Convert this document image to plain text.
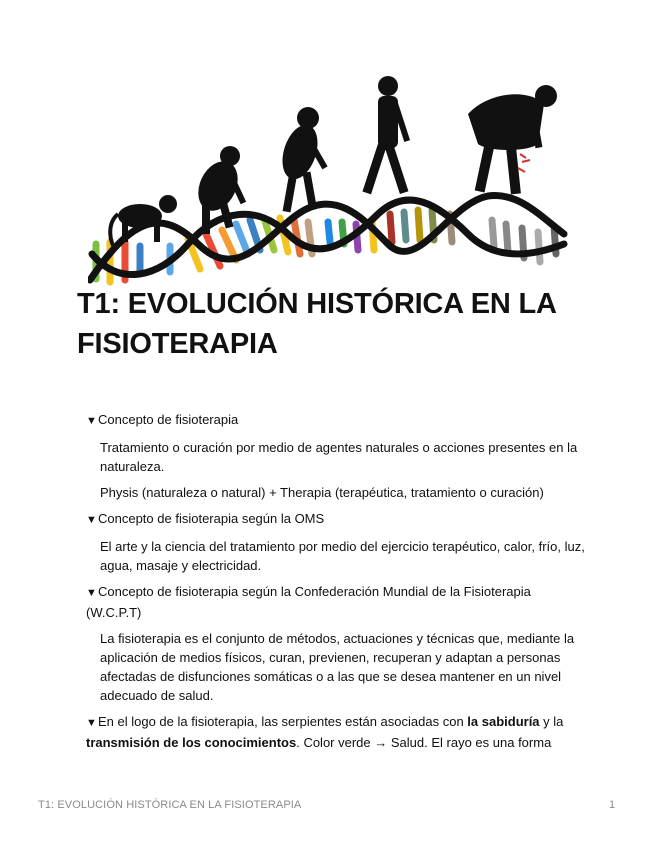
T1: EVOLUCIÓN HISTÓRICA EN LA FISIOTERAPIA

▼Concepto de fisioterapia

Tratamiento o curación por medio de agentes naturales o acciones presentes en la naturaleza.

Physis (naturaleza o natural) + Therapia (terapéutica, tratamiento o curación)

▼Concepto de fisioterapia según la OMS

El arte y la ciencia del tratamiento por medio del ejercicio terapéutico, calor, frío, luz, agua, masaje y electricidad.

▼Concepto de fisioterapia según la Confederación Mundial de la Fisioterapia (W.C.P.T)

La fisioterapia es el conjunto de métodos, actuaciones y técnicas que, mediante la aplicación de medios físicos, curan, previenen, recuperan y adaptan a personas afectadas de disfunciones somáticas o a las que se desea mantener en un nivel adecuado de salud.

▼En el logo de la fisioterapia, las serpientes están asociadas con la sabiduría y la transmisión de los conocimientos. Color verde → Salud. El rayo es una forma

T1: EVOLUCIÓN HISTÓRICA EN LA FISIOTERAPIA	1
